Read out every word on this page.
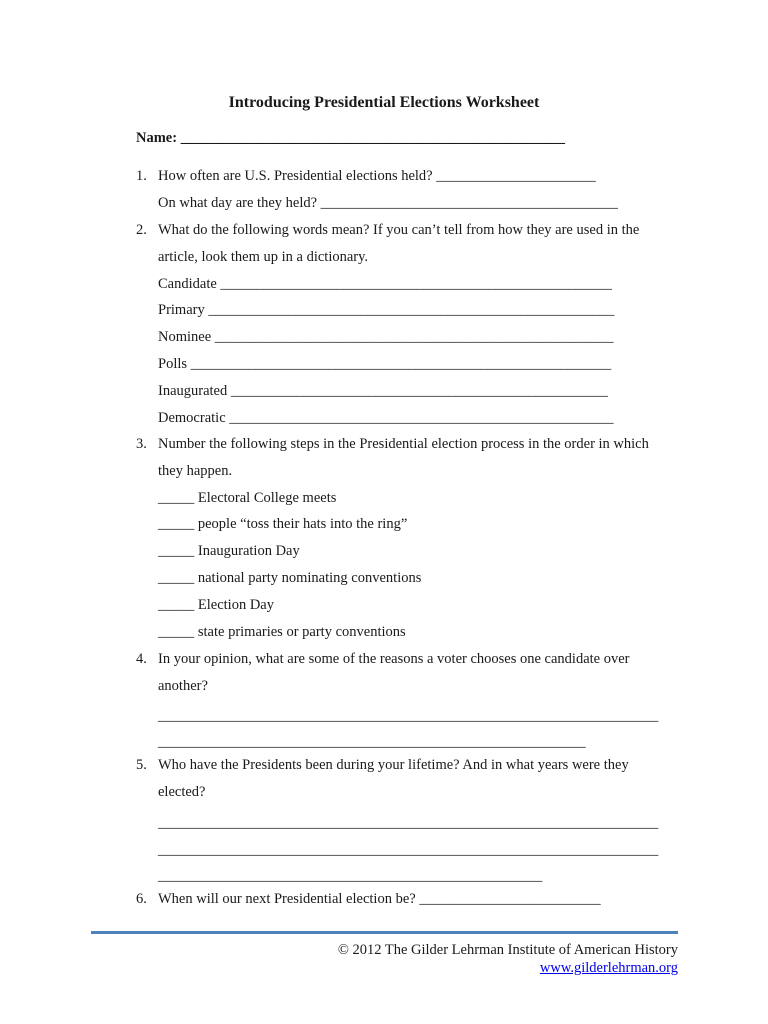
Introducing Presidential Elections Worksheet
Name: _____________________________________________________
1. How often are U.S. Presidential elections held? ______________________
On what day are they held? _________________________________________
2. What do the following words mean? If you can’t tell from how they are used in the
article, look them up in a dictionary.
Candidate ______________________________________________________
Primary ________________________________________________________
Nominee _______________________________________________________
Polls __________________________________________________________
Inaugurated ____________________________________________________
Democratic _____________________________________________________
3. Number the following steps in the Presidential election process in the order in which
they happen.
_____ Electoral College meets
_____ people “toss their hats into the ring”
_____ Inauguration Day
_____ national party nominating conventions
_____ Election Day
_____ state primaries or party conventions
4. In your opinion, what are some of the reasons a voter chooses one candidate over
another?
_____________________________________________________________________
___________________________________________________________
5. Who have the Presidents been during your lifetime? And in what years were they
elected?
_____________________________________________________________________
_____________________________________________________________________
_____________________________________________________
6. When will our next Presidential election be? _________________________
© 2012 The Gilder Lehrman Institute of American History
www.gilderlehrman.org
